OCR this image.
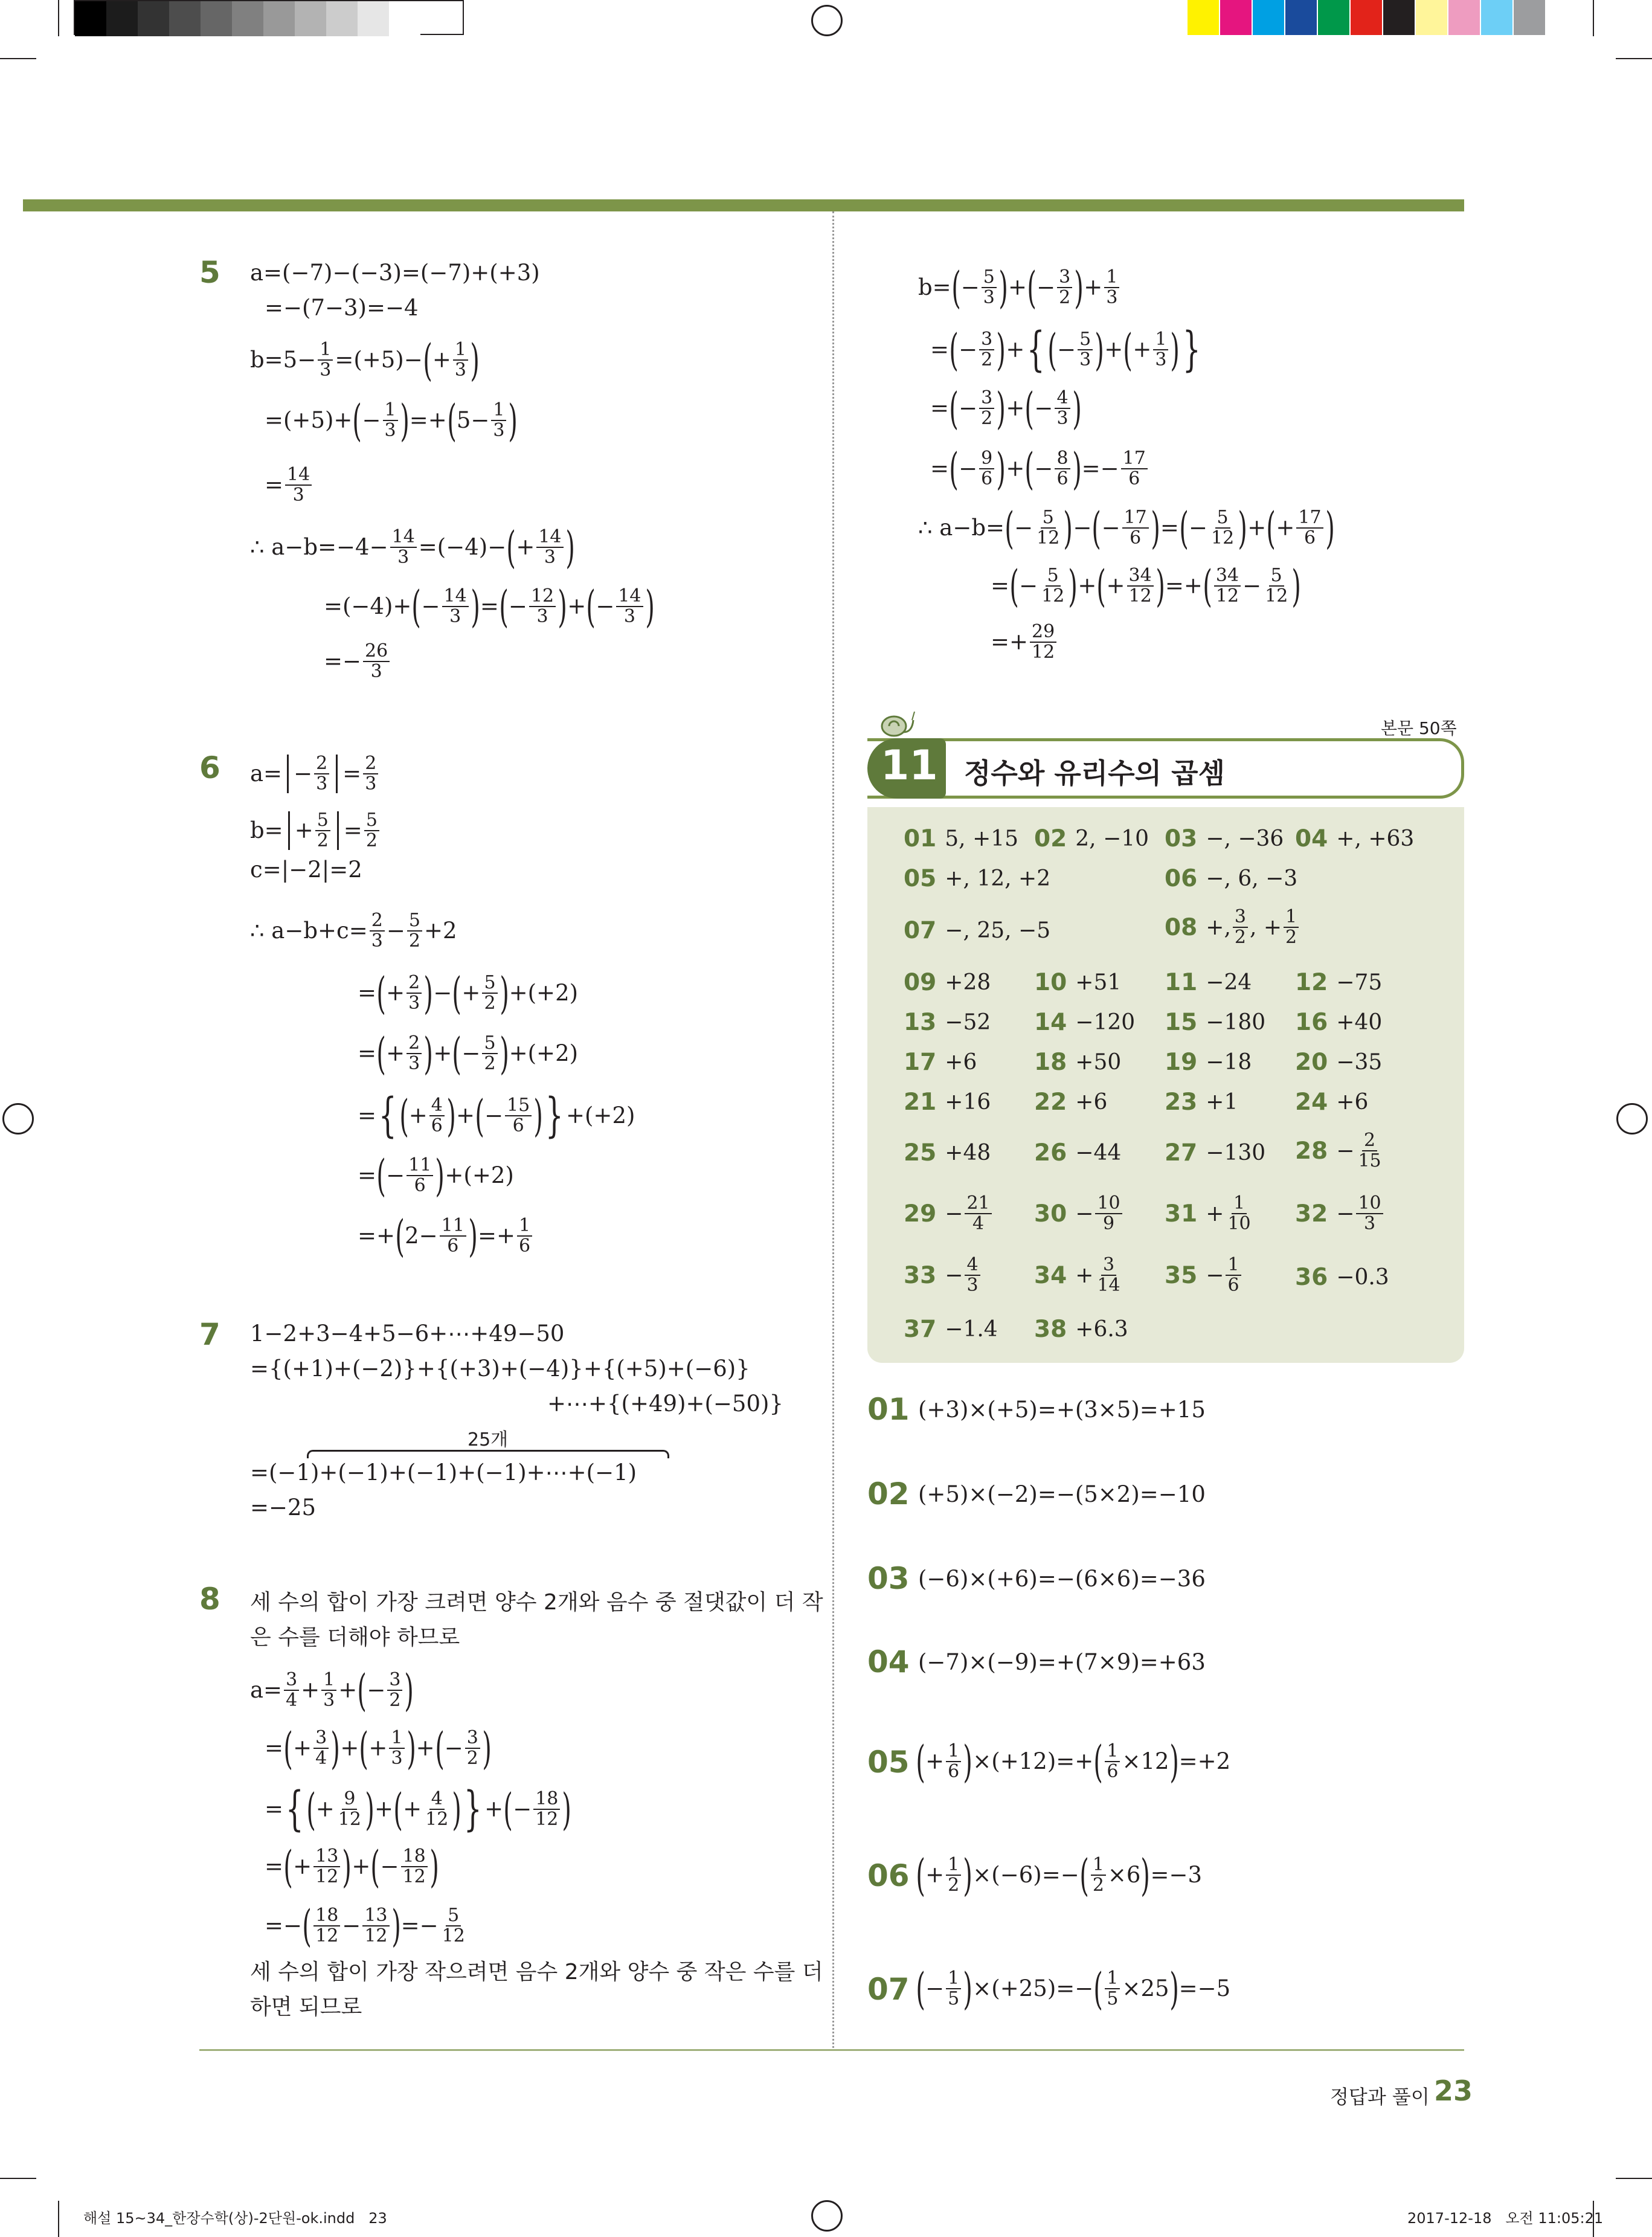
5 a=(−7)−(−3)=(−7)+(+3)
=−(7−3)=−4
$b=5- \frac{1}{3} =(+5)-$ ( + $\frac{1}{3}$ )
=(+5)+ ( − $\frac{1}{3}$ ) =+ ( $5- \frac{1}{3}$ )
= $\frac{14}{3}$
∴ $a-b=-4- \frac{14}{3} =(-4)-$ ( + $\frac{14}{3}$ )
=(−4)+ ( − $\frac{14}{3}$ ) = ( − $\frac{12}{3}$ ) + ( − $\frac{14}{3}$ )
=− $\frac{26}{3}$
6 $a= - \frac{2}{3} = \frac{2}{3}$
$b= + \frac{5}{2} = \frac{5}{2}$
c=|−2|=2
∴ $a-b+c= \frac{2}{3} - \frac{5}{2} +2$
= ( + $\frac{2}{3}$ ) − ( + $\frac{5}{2}$ ) +(+2)
= ( + $\frac{2}{3}$ ) + ( − $\frac{5}{2}$ ) +(+2)
= { ( + $\frac{4}{6}$ ) + ( − $\frac{15}{6}$ ) } +(+2)
= ( − $\frac{11}{6}$ ) +(+2)
=+ ( $2- \frac{11}{6}$ ) =+ $\frac{1}{6}$
7 1−2+3−4+5−6+⋯+49−50
={(+1)+(−2)}+{(+3)+(−4)}+{(+5)+(−6)}
+⋯+{(+49)+(−50)}
25개
=(−1)+(−1)+(−1)+(−1)+⋯+(−1)
=−25
8 세 수의 합이 가장 크려면 양수 2개와 음수 중 절댓값이 더 작
은 수를 더해야 하므로
$a= \frac{3}{4} + \frac{1}{3}$ + ( − $\frac{3}{2}$ )
= ( + $\frac{3}{4}$ ) + ( + $\frac{1}{3}$ ) + ( − $\frac{3}{2}$ )
= { ( + $\frac{9}{12}$ ) + ( + $\frac{4}{12}$ ) } + ( − $\frac{18}{12}$ )
= ( + $\frac{13}{12}$ ) + ( − $\frac{18}{12}$ )
=− ( $\frac{18}{12} - \frac{13}{12}$ ) =− $\frac{5}{12}$
세 수의 합이 가장 작으려면 음수 2개와 양수 중 작은 수를 더
하면 되므로
b= ( − $\frac{5}{3}$ ) + ( − $\frac{3}{2}$ ) + $\frac{1}{3}$
= ( − $\frac{3}{2}$ ) + { ( − $\frac{5}{3}$ ) + ( + $\frac{1}{3}$ ) }
= ( − $\frac{3}{2}$ ) + ( − $\frac{4}{3}$ )
= ( − $\frac{9}{6}$ ) + ( − $\frac{8}{6}$ ) =− $\frac{17}{6}$
∴ a−b= ( − $\frac{5}{12}$ ) − ( − $\frac{17}{6}$ ) = ( − $\frac{5}{12}$ ) + ( + $\frac{17}{6}$ )
= ( − $\frac{5}{12}$ ) + ( + $\frac{34}{12}$ ) =+ ( $\frac{34}{12} - \frac{5}{12}$ )
=+ $\frac{29}{12}$
본문 50쪽
11 정수와 유리수의 곱셈
01 5, +15 02 2, −10 03 −, −36 04 +, +63
05 +, 12, +2	06 −, 6, −3
07 −, 25, −5	08 +, $\frac{3}{2}$ , + $\frac{1}{2}$
09 +28 10 +51 11 −24 12 −75
13 −52 14 −120 15 −180 16 +40
17 +6 18 +50 19 −18 20 −35
21 +16 22 +6 23 +1 24 +6
25 +48 26 −44 27 −130 $28 - \frac{2}{15}$
$29 - \frac{21}{4} 30 - \frac{10}{9} 31 + \frac{1}{10} 32 - \frac{10}{3}$
$33 - \frac{4}{3} 34 + \frac{3}{14} 35 - \frac{1}{6} 36 -0.3$
37 −1.4 38 +6.3
01 (+3)×(+5)=+(3×5)=+15
02 (+5)×(−2)=−(5×2)=−10
03 (−6)×(+6)=−(6×6)=−36
04 (−7)×(−9)=+(7×9)=+63
05 ( + $\frac{1}{6}$ ) ×(+12)=+ ( $\frac{1}{6} \times 12$ ) =+2
06 ( + $\frac{1}{2}$ ) ×(−6)=− ( $\frac{1}{2} \times 6$ ) =−3
07 ( − $\frac{1}{5}$ ) ×(+25)=− ( $\frac{1}{5} \times 25$ ) =−5
정답과 풀이 23
해설 15~34_한장수학(상)-2단원-ok.indd   23	2017-12-18   오전 11:05:21
